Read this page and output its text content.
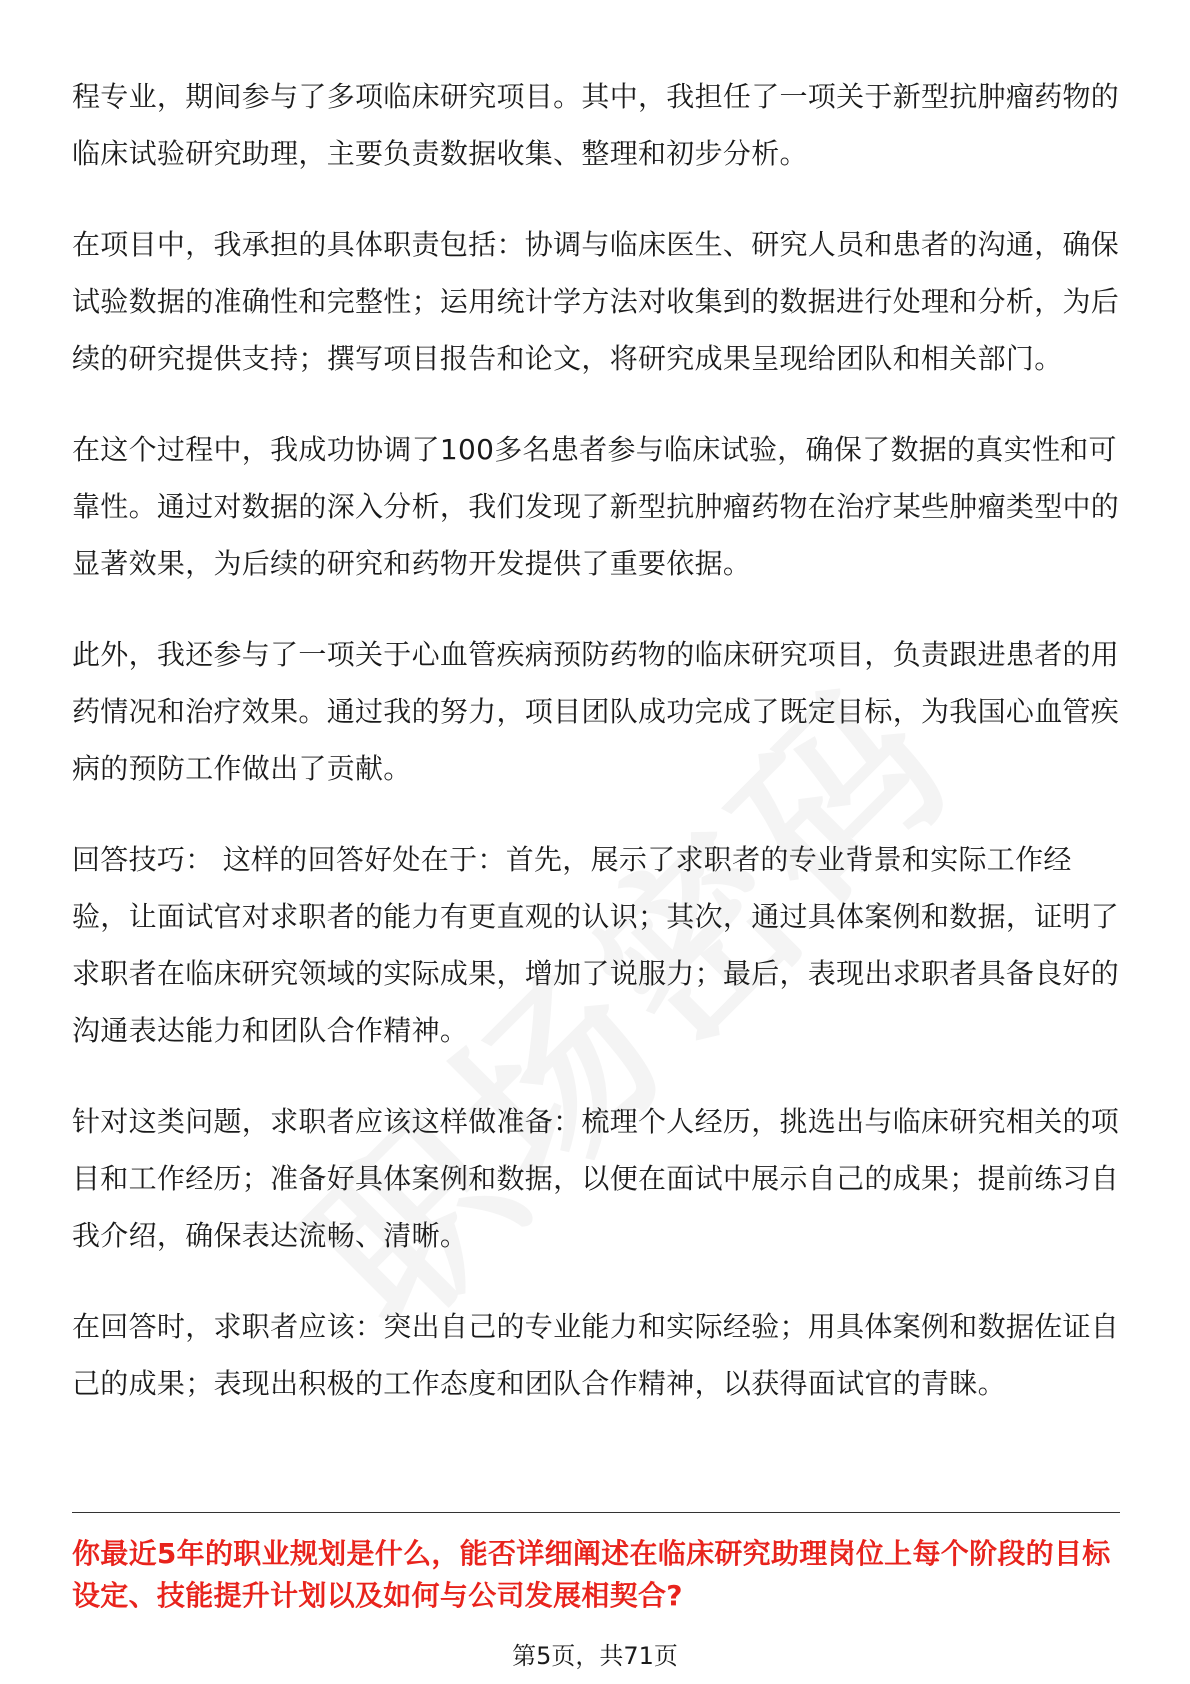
程专业，期间参与了多项临床研究项目。其中，我担任了一项关于新型抗肿瘤药物的临床试验研究助理，主要负责数据收集、整理和初步分析。

在项目中，我承担的具体职责包括：协调与临床医生、研究人员和患者的沟通，确保试验数据的准确性和完整性；运用统计学方法对收集到的数据进行处理和分析，为后续的研究提供支持；撰写项目报告和论文，将研究成果呈现给团队和相关部门。

在这个过程中，我成功协调了100多名患者参与临床试验，确保了数据的真实性和可靠性。通过对数据的深入分析，我们发现了新型抗肿瘤药物在治疗某些肿瘤类型中的显著效果，为后续的研究和药物开发提供了重要依据。

此外，我还参与了一项关于心血管疾病预防药物的临床研究项目，负责跟进患者的用药情况和治疗效果。通过我的努力，项目团队成功完成了既定目标，为我国心血管疾病的预防工作做出了贡献。

回答技巧： 这样的回答好处在于：首先，展示了求职者的专业背景和实际工作经验，让面试官对求职者的能力有更直观的认识；其次，通过具体案例和数据，证明了求职者在临床研究领域的实际成果，增加了说服力；最后，表现出求职者具备良好的沟通表达能力和团队合作精神。

针对这类问题，求职者应该这样做准备：梳理个人经历，挑选出与临床研究相关的项目和工作经历；准备好具体案例和数据，以便在面试中展示自己的成果；提前练习自我介绍，确保表达流畅、清晰。

在回答时，求职者应该：突出自己的专业能力和实际经验；用具体案例和数据佐证自己的成果；表现出积极的工作态度和团队合作精神，以获得面试官的青睐。

你最近5年的职业规划是什么，能否详细阐述在临床研究助理岗位上每个阶段的目标设定、技能提升计划以及如何与公司发展相契合?
第5页，共71页
